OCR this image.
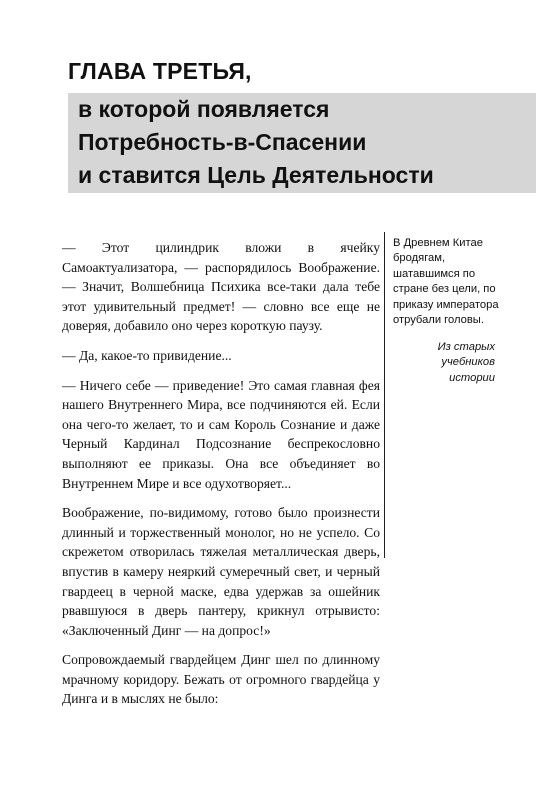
ГЛАВА ТРЕТЬЯ,
в которой появляется
Потребность-в-Спасении
и ставится Цель Деятельности

— Этот цилиндрик вложи в ячейку Самоактуализатора, — распорядилось Воображение. — Значит, Волшебница Психика все-таки дала тебе этот удивительный предмет! — словно все еще не доверяя, добавило оно через короткую паузу.

— Да, какое-то привидение...

— Ничего себе — приведение! Это самая главная фея нашего Внутреннего Мира, все подчиняются ей. Если она чего-то желает, то и сам Король Сознание и даже Черный Кардинал Подсознание беспрекословно выполняют ее приказы. Она все объединяет во Внутреннем Мире и все одухотворяет...

Воображение, по-видимому, готово было произнести длинный и торжественный монолог, но не успело. Со скрежетом отворилась тяжелая металлическая дверь, впустив в камеру неяркий сумеречный свет, и черный гвардеец в черной маске, едва удержав за ошейник рвавшуюся в дверь пантеру, крикнул отрывисто: «Заключенный Динг — на допрос!»

Сопровождаемый гвардейцем Динг шел по длинному мрачному коридору. Бежать от огромного гвардейца у Динга и в мыслях не было:

В Древнем Китае бродягам, шатавшимся по стране без цели, по приказу императора отрубали головы.
Из старых учебников истории
